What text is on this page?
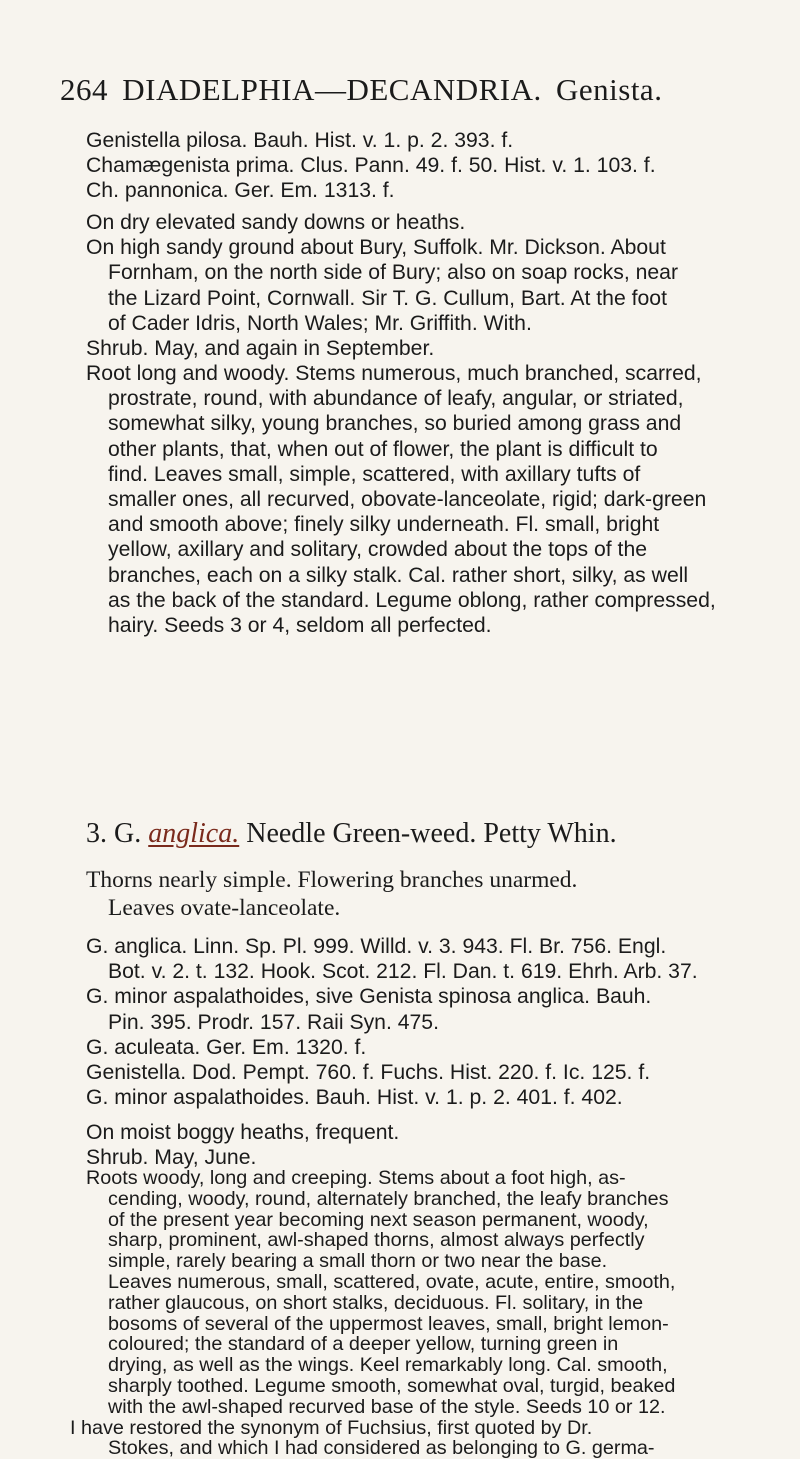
264 DIADELPHIA—DECANDRIA. Genista.
Genistella pilosa. Bauh. Hist. v. 1. p. 2. 393. f.
Chamægenista prima. Clus. Pann. 49. f. 50. Hist. v. 1. 103. f.
Ch. pannonica. Ger. Em. 1313. f.
On dry elevated sandy downs or heaths.
On high sandy ground about Bury, Suffolk. Mr. Dickson. About
Fornham, on the north side of Bury; also on soap rocks, near
the Lizard Point, Cornwall. Sir T. G. Cullum, Bart. At the foot
of Cader Idris, North Wales; Mr. Griffith. With.
Shrub. May, and again in September.
Root long and woody. Stems numerous, much branched, scarred,
prostrate, round, with abundance of leafy, angular, or striated,
somewhat silky, young branches, so buried among grass and
other plants, that, when out of flower, the plant is difficult to
find. Leaves small, simple, scattered, with axillary tufts of
smaller ones, all recurved, obovate-lanceolate, rigid; dark-green
and smooth above; finely silky underneath. Fl. small, bright
yellow, axillary and solitary, crowded about the tops of the
branches, each on a silky stalk. Cal. rather short, silky, as well
as the back of the standard. Legume oblong, rather compressed,
hairy. Seeds 3 or 4, seldom all perfected.
3. G. anglica. Needle Green-weed. Petty Whin.
Thorns nearly simple. Flowering branches unarmed.
Leaves ovate-lanceolate.
G. anglica. Linn. Sp. Pl. 999. Willd. v. 3. 943. Fl. Br. 756. Engl.
Bot. v. 2. t. 132. Hook. Scot. 212. Fl. Dan. t. 619. Ehrh. Arb. 37.
G. minor aspalathoides, sive Genista spinosa anglica. Bauh.
Pin. 395. Prodr. 157. Raii Syn. 475.
G. aculeata. Ger. Em. 1320. f.
Genistella. Dod. Pempt. 760. f. Fuchs. Hist. 220. f. Ic. 125. f.
G. minor aspalathoides. Bauh. Hist. v. 1. p. 2. 401. f. 402.
On moist boggy heaths, frequent.
Shrub. May, June.
Roots woody, long and creeping. Stems about a foot high, as-
cending, woody, round, alternately branched, the leafy branches
of the present year becoming next season permanent, woody,
sharp, prominent, awl-shaped thorns, almost always perfectly
simple, rarely bearing a small thorn or two near the base.
Leaves numerous, small, scattered, ovate, acute, entire, smooth,
rather glaucous, on short stalks, deciduous. Fl. solitary, in the
bosoms of several of the uppermost leaves, small, bright lemon-
coloured; the standard of a deeper yellow, turning green in
drying, as well as the wings. Keel remarkably long. Cal. smooth,
sharply toothed. Legume smooth, somewhat oval, turgid, beaked
with the awl-shaped recurved base of the style. Seeds 10 or 12.
I have restored the synonym of Fuchsius, first quoted by Dr.
Stokes, and which I had considered as belonging to G. germa-
